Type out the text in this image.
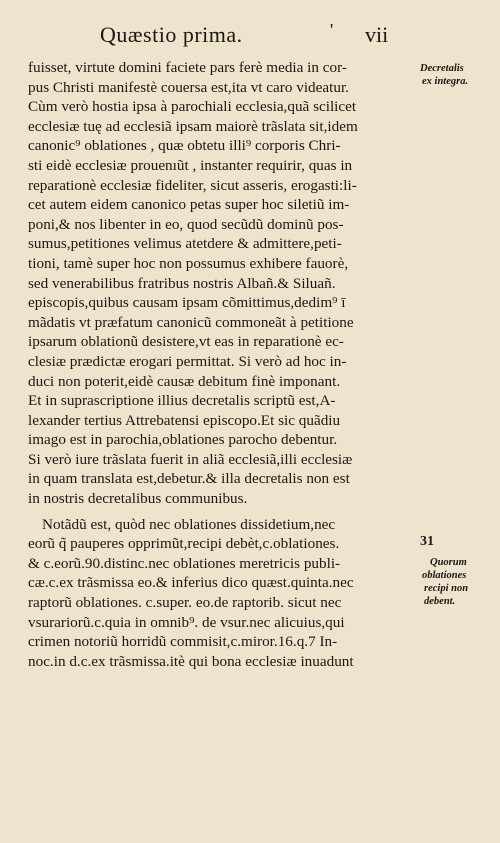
Quæstio prima.	' vii
Decretalis
ex integra.
31
Quorum
oblationes
recipi non
debent.
fuisset, virtute domini faciete pars ferè media in cor-
pus Christi manifestè couersa est,ita vt caro videatur.
Cùm verò hostia ipsa à parochiali ecclesia,quã scilicet
ecclesiæ tuę ad ecclesiã ipsam maiorè trãslata sit,idem
canonic⁹ oblationes , quæ obtetu illi⁹ corporis Chri-
sti eidè ecclesiæ prouenıũt , instanter requirir, quas in
reparationè ecclesiæ fideliter, sicut asseris, erogasti:li-
cet autem eidem canonico petas super hoc siletiũ im-
poni,& nos libenter in eo, quod secũdũ dominũ pos-
sumus,petitiones velimus atetdere & admittere,peti-
tioni, tamè super hoc non possumus exhibere fauorè,
sed venerabilibus fratribus nostris Albañ.& Siluañ.
episcopis,quibus causam ipsam cõmittimus,dedim⁹ ī
mãdatis vt præfatum canonicũ commoneãt à petitione
ipsarum oblationũ desistere,vt eas in reparationè ec-
clesiæ prædictæ erogari permittat. Si verò ad hoc in-
duci non poterit,eidè causæ debitum finè imponant.
Et in suprascriptione illius decretalis scriptũ est,A-
lexander tertius Attrebatensi episcopo.Et sic quãdiu
imago est in parochia,oblationes parocho debentur.
Si verò iure trãslata fuerit in aliã ecclesiã,illi ecclesiæ
in quam translata est,debetur.& illa decretalis non est
in nostris decretalibus communibus.
Notãdũ est, quòd nec oblationes dissidetium,nec
eorũ q̃ pauperes opprimũt,recipi debèt,c.oblationes.
& c.eorũ.90.distinc.nec oblationes meretricis publi-
cæ.c.ex trãsmissa eo.& inferius dico quæst.quinta.nec
raptorũ oblationes. c.super. eo.de raptorib. sicut nec
vsurariorũ.c.quia in omnib⁹. de vsur.nec alicuius,qui
crimen notoriũ horridũ commisit,c.miror.16.q.7 In-
noc.in d.c.ex trãsmissa.itè qui bona ecclesiæ inuadunt
